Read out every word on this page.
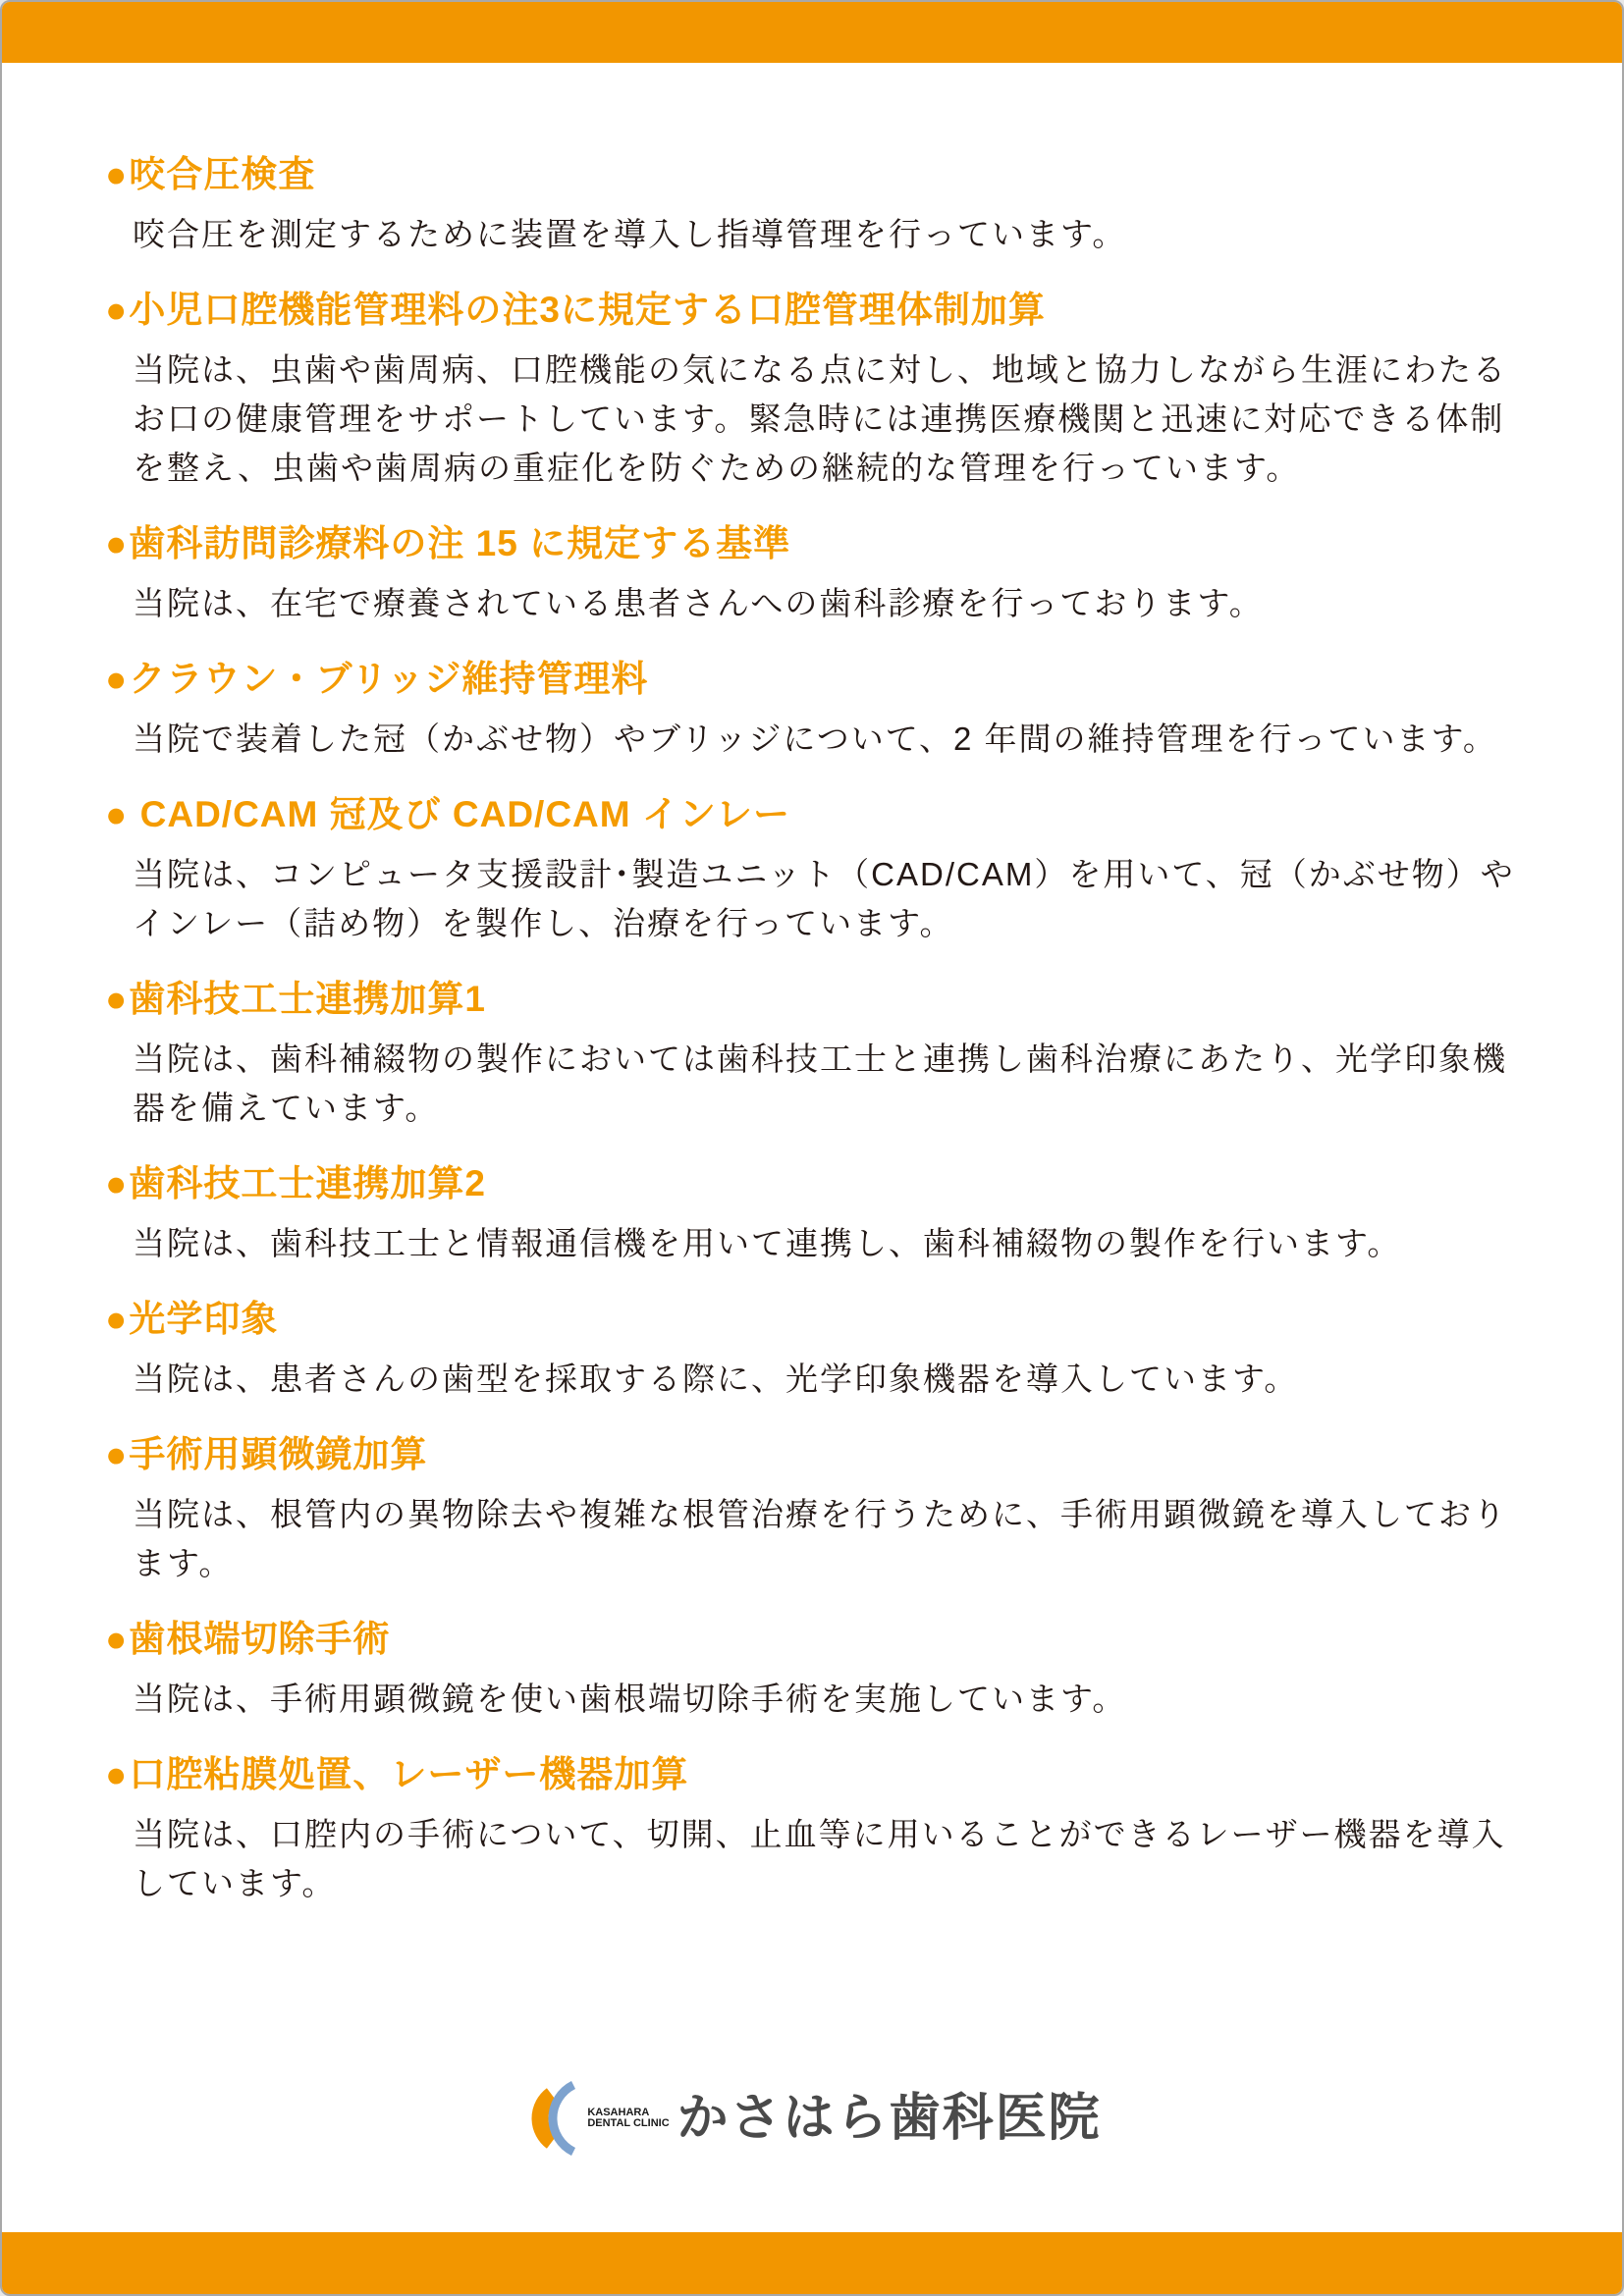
●咬合圧検査

咬合圧を測定するために装置を導入し指導管理を行っています。

●小児口腔機能管理料の注3に規定する口腔管理体制加算

当院は、虫歯や歯周病、口腔機能の気になる点に対し、地域と協力しながら生涯にわたるお口の健康管理をサポートしています。緊急時には連携医療機関と迅速に対応できる体制を整え、虫歯や歯周病の重症化を防ぐための継続的な管理を行っています。

●歯科訪問診療料の注 15 に規定する基準

当院は、在宅で療養されている患者さんへの歯科診療を行っております。

●クラウン・ブリッジ維持管理料

当院で装着した冠（かぶせ物）やブリッジについて、2 年間の維持管理を行っています。

● CAD/CAM 冠及び CAD/CAM インレー

当院は、コンピュータ支援設計･製造ユニット（CAD/CAM）を用いて、冠（かぶせ物）やインレー（詰め物）を製作し、治療を行っています。

●歯科技工士連携加算1

当院は、歯科補綴物の製作においては歯科技工士と連携し歯科治療にあたり、光学印象機器を備えています。

●歯科技工士連携加算2

当院は、歯科技工士と情報通信機を用いて連携し、歯科補綴物の製作を行います。

●光学印象

当院は、患者さんの歯型を採取する際に、光学印象機器を導入しています。

●手術用顕微鏡加算

当院は、根管内の異物除去や複雑な根管治療を行うために、手術用顕微鏡を導入しております。

●歯根端切除手術

当院は、手術用顕微鏡を使い歯根端切除手術を実施しています。

●口腔粘膜処置、レーザー機器加算

当院は、口腔内の手術について、切開、止血等に用いることができるレーザー機器を導入しています。

KASAHARA
DENTAL CLINIC かさはら歯科医院
